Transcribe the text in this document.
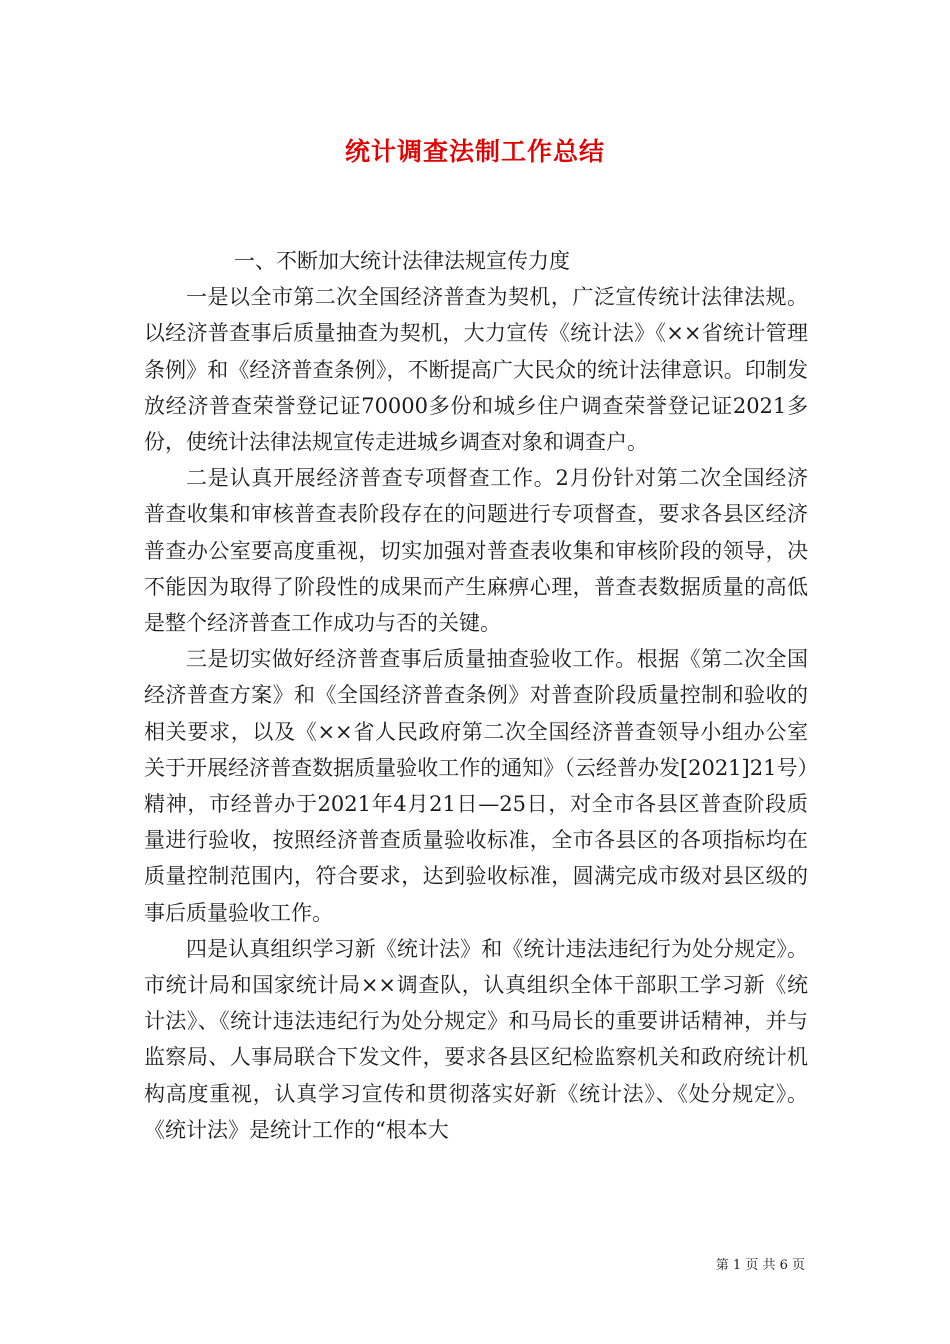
统计调查法制工作总结

一、不断加大统计法律法规宣传力度

一是以全市第二次全国经济普查为契机，广泛宣传统计法律法规。以经济普查事后质量抽查为契机，大力宣传《统计法》《××省统计管理条例》和《经济普查条例》，不断提高广大民众的统计法律意识。印制发放经济普查荣誉登记证70000多份和城乡住户调查荣誉登记证2021多份，使统计法律法规宣传走进城乡调查对象和调查户。

二是认真开展经济普查专项督查工作。2月份针对第二次全国经济普查收集和审核普查表阶段存在的问题进行专项督查，要求各县区经济普查办公室要高度重视，切实加强对普查表收集和审核阶段的领导，决不能因为取得了阶段性的成果而产生麻痹心理，普查表数据质量的高低是整个经济普查工作成功与否的关键。

三是切实做好经济普查事后质量抽查验收工作。根据《第二次全国经济普查方案》和《全国经济普查条例》对普查阶段质量控制和验收的相关要求，以及《××省人民政府第二次全国经济普查领导小组办公室关于开展经济普查数据质量验收工作的通知》（云经普办发[2021]21号）精神，市经普办于2021年4月21日—25日，对全市各县区普查阶段质量进行验收，按照经济普查质量验收标准，全市各县区的各项指标均在质量控制范围内，符合要求，达到验收标准，圆满完成市级对县区级的事后质量验收工作。

四是认真组织学习新《统计法》和《统计违法违纪行为处分规定》。市统计局和国家统计局××调查队，认真组织全体干部职工学习新《统计法》、《统计违法违纪行为处分规定》和马局长的重要讲话精神，并与监察局、人事局联合下发文件，要求各县区纪检监察机关和政府统计机构高度重视，认真学习宣传和贯彻落实好新《统计法》、《处分规定》。《统计法》是统计工作的“根本大

第 1 页 共 6 页
